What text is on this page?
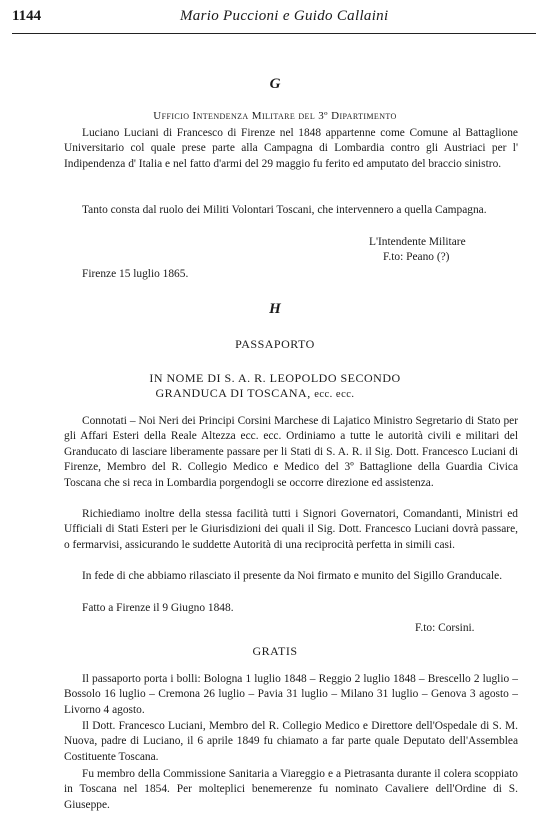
1144	Mario Puccioni e Guido Callaini
G
Ufficio Intendenza Militare del 3º Dipartimento

Luciano Luciani di Francesco di Firenze nel 1848 appartenne come Comune al Battaglione Universitario col quale prese parte alla Campagna di Lombardia contro gli Austriaci per l' Indipendenza d' Italia e nel fatto d'armi del 29 maggio fu ferito ed amputato del braccio sinistro.

Tanto consta dal ruolo dei Militi Volontari Toscani, che intervennero a quella Campagna.

L'Intendente Militare
F.to: Peano (?)
Firenze 15 luglio 1865.
H
PASSAPORTO
IN NOME DI S. A. R. LEOPOLDO SECONDO
GRANDUCA DI TOSCANA, ecc. ecc.

Connotati – Noi Neri dei Principi Corsini Marchese di Lajatico Ministro Segretario di Stato per gli Affari Esteri della Reale Altezza ecc. ecc. Ordiniamo a tutte le autorità civili e militari del Granducato di lasciare liberamente passare per li Stati di S. A. R. il Sig. Dott. Francesco Luciani di Firenze, Membro del R. Collegio Medico e Medico del 3º Battaglione della Guardia Civica Toscana che si reca in Lombardia porgendogli se occorre direzione ed assistenza.

Richiediamo inoltre della stessa facilità tutti i Signori Governatori, Comandanti, Ministri ed Ufficiali di Stati Esteri per le Giurisdizioni dei quali il Sig. Dott. Francesco Luciani dovrà passare, o fermarvisi, assicurando le suddette Autorità di una reciprocità perfetta in simili casi.

In fede di che abbiamo rilasciato il presente da Noi firmato e munito del Sigillo Granducale.

Fatto a Firenze il 9 Giugno 1848.
F.to: Corsini.
GRATIS

Il passaporto porta i bolli: Bologna 1 luglio 1848 – Reggio 2 luglio 1848 – Brescello 2 luglio – Bossolo 16 luglio – Cremona 26 luglio – Pavia 31 luglio – Milano 31 luglio – Genova 3 agosto – Livorno 4 agosto.

Il Dott. Francesco Luciani, Membro del R. Collegio Medico e Direttore dell'Ospedale di S. M. Nuova, padre di Luciano, il 6 aprile 1849 fu chiamato a far parte quale Deputato dell'Assemblea Costituente Toscana.

Fu membro della Commissione Sanitaria a Viareggio e a Pietrasanta durante il colera scoppiato in Toscana nel 1854. Per molteplici benemerenze fu nominato Cavaliere dell'Ordine di S. Giuseppe.
